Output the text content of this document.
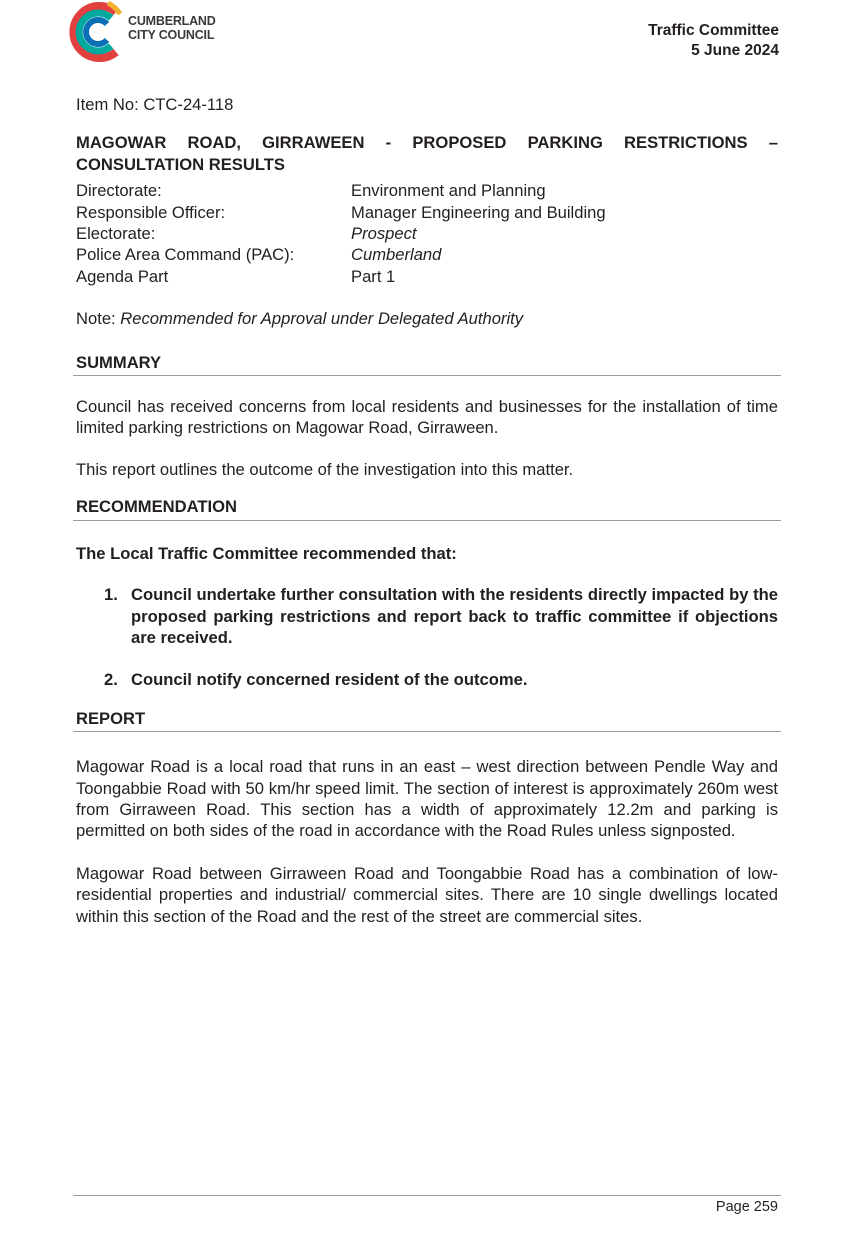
CUMBERLAND
CITY COUNCIL	Traffic Committee
5 June 2024
Item No: CTC-24-118
MAGOWAR ROAD, GIRRAWEEN - PROPOSED PARKING RESTRICTIONS – CONSULTATION RESULTS
Directorate:	Environment and Planning
Responsible Officer:	Manager Engineering and Building
Electorate:	Prospect
Police Area Command (PAC):	Cumberland
Agenda Part	Part 1
Note: Recommended for Approval under Delegated Authority
SUMMARY
Council has received concerns from local residents and businesses for the installation of time limited parking restrictions on Magowar Road, Girraween.
This report outlines the outcome of the investigation into this matter.
RECOMMENDATION
The Local Traffic Committee recommended that:
1. Council undertake further consultation with the residents directly impacted by the proposed parking restrictions and report back to traffic committee if objections are received.
2. Council notify concerned resident of the outcome.
REPORT
Magowar Road is a local road that runs in an east – west direction between Pendle Way and Toongabbie Road with 50 km/hr speed limit. The section of interest is approximately 260m west from Girraween Road. This section has a width of approximately 12.2m and parking is permitted on both sides of the road in accordance with the Road Rules unless signposted.
Magowar Road between Girraween Road and Toongabbie Road has a combination of low-residential properties and industrial/ commercial sites. There are 10 single dwellings located within this section of the Road and the rest of the street are commercial sites.
Page 259
